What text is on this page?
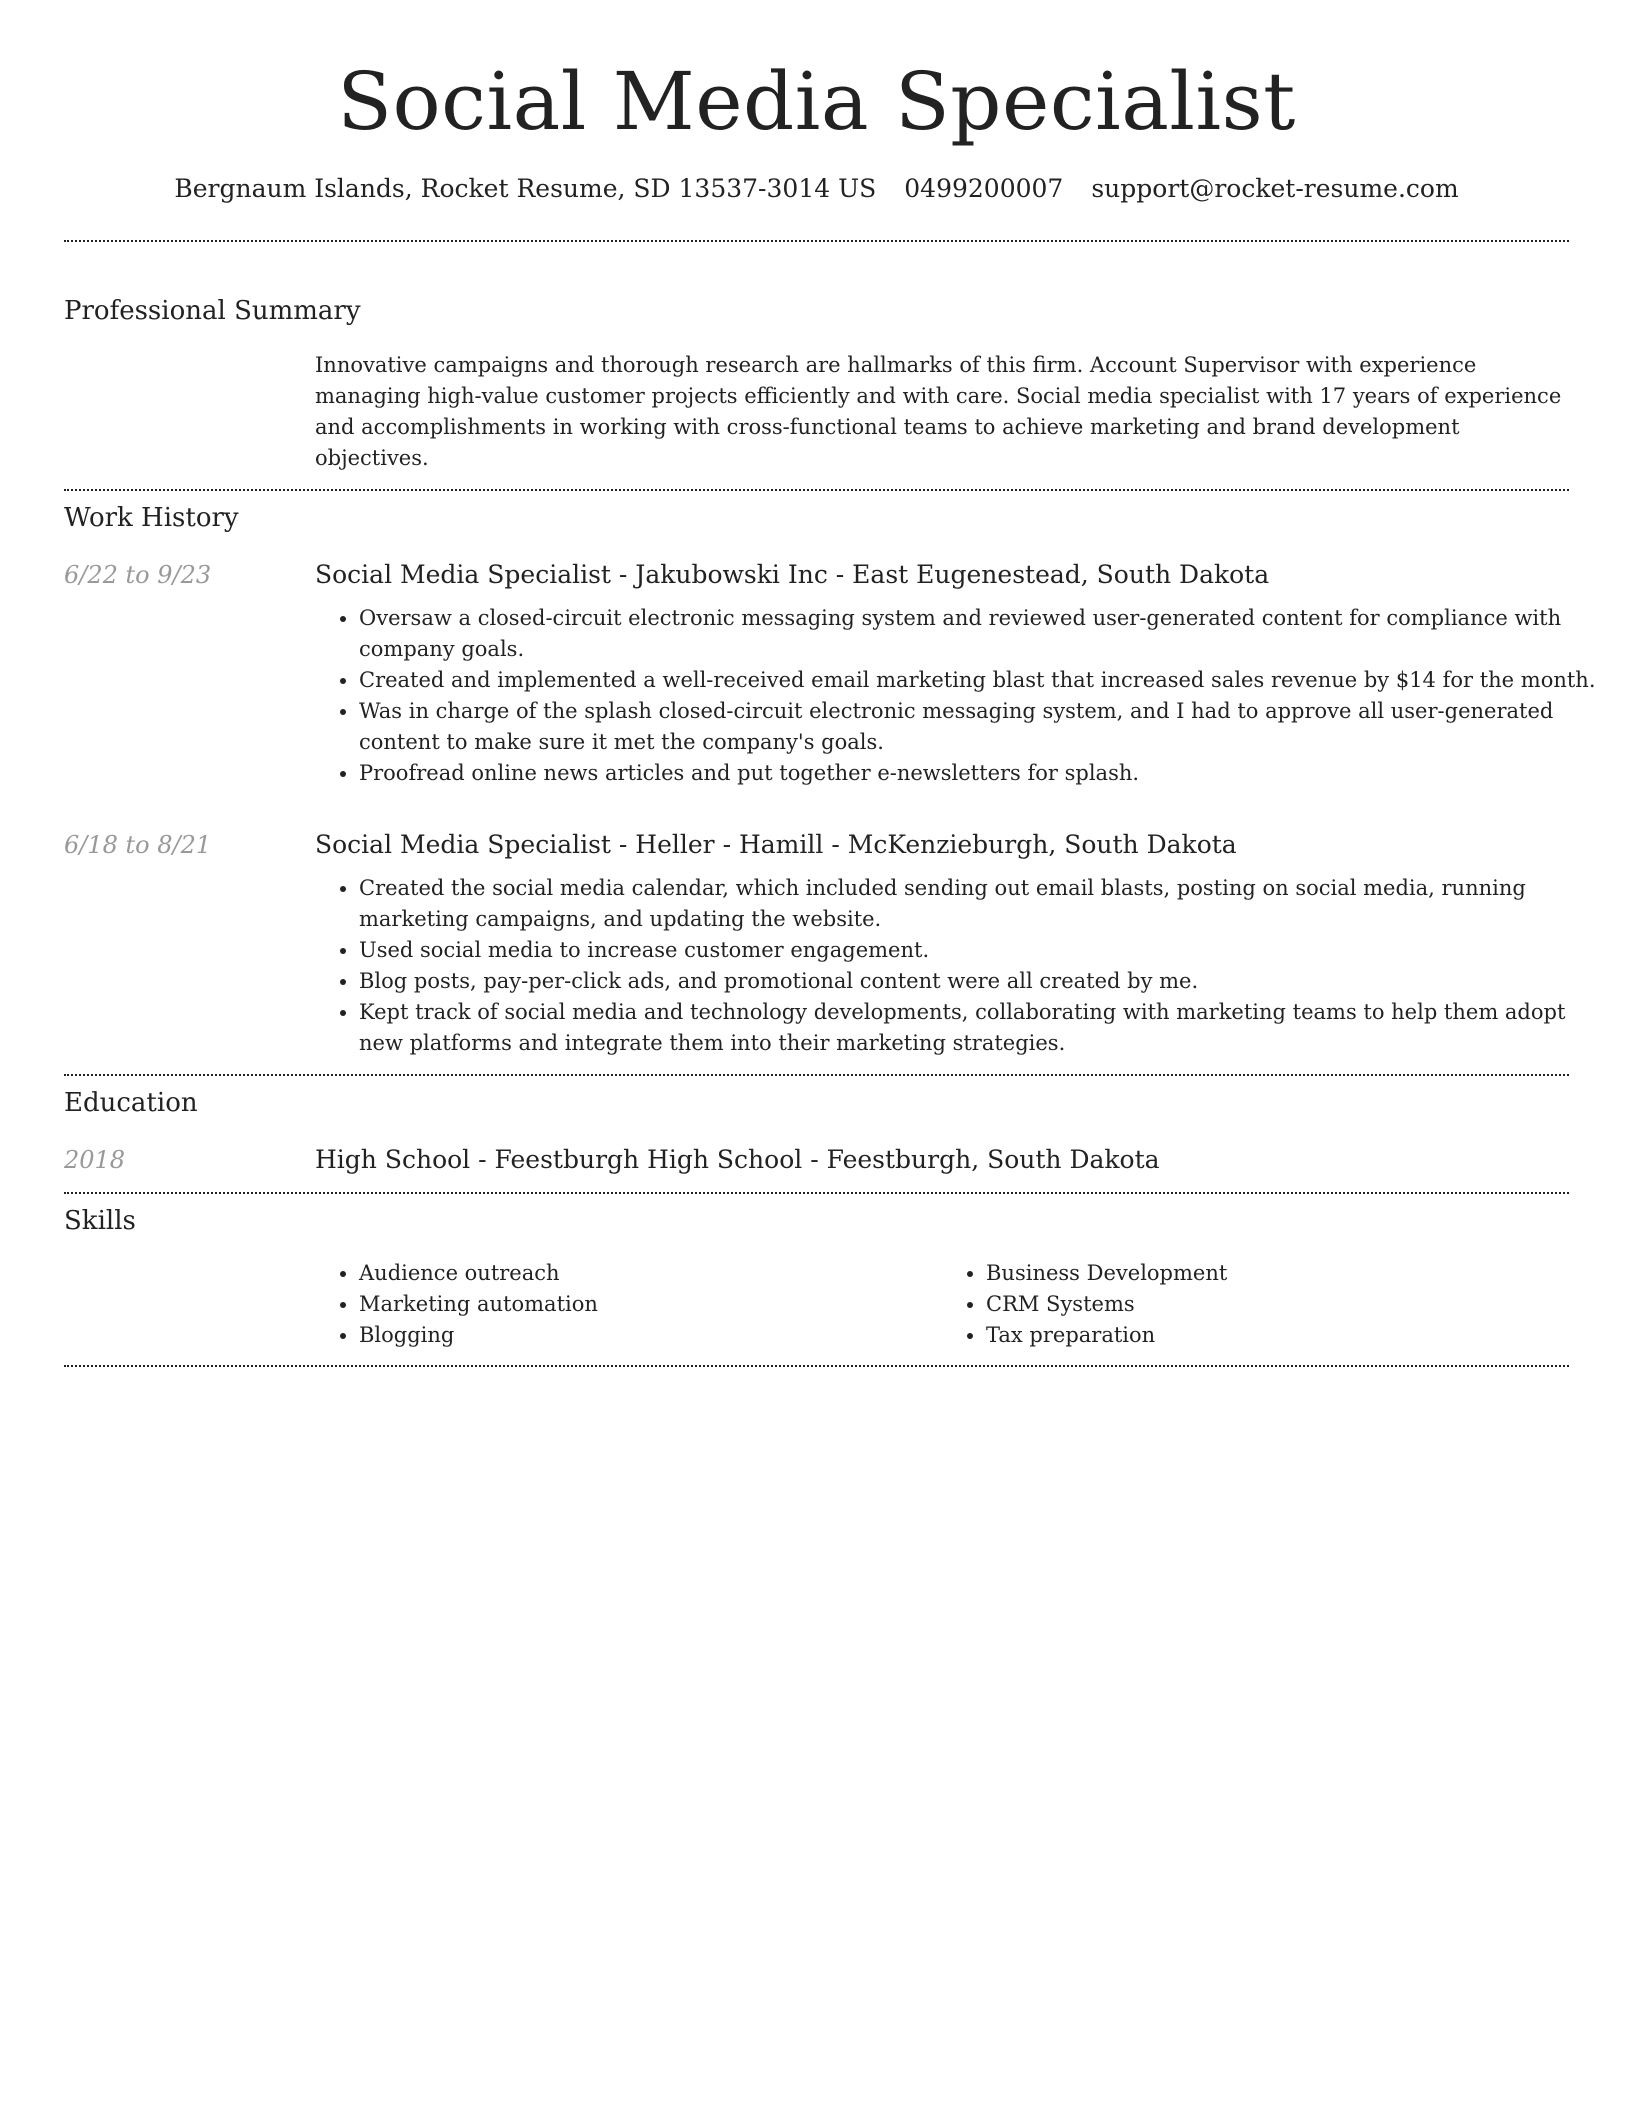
Social Media Specialist
Bergnaum Islands, Rocket Resume, SD 13537-3014 US 0499200007 support@rocket-resume.com
Professional Summary

Innovative campaigns and thorough research are hallmarks of this firm. Account Supervisor with experience managing high-value customer projects efficiently and with care. Social media specialist with 17 years of experience and accomplishments in working with cross-functional teams to achieve marketing and brand development objectives.

Work History
6/22 to 9/23	Social Media Specialist - Jakubowski Inc - East Eugenestead, South Dakota
• Oversaw a closed-circuit electronic messaging system and reviewed user-generated content for compliance with company goals.
• Created and implemented a well-received email marketing blast that increased sales revenue by $14 for the month.
• Was in charge of the splash closed-circuit electronic messaging system, and I had to approve all user-generated content to make sure it met the company's goals.
• Proofread online news articles and put together e-newsletters for splash.
6/18 to 8/21	Social Media Specialist - Heller - Hamill - McKenzieburgh, South Dakota
• Created the social media calendar, which included sending out email blasts, posting on social media, running marketing campaigns, and updating the website.
• Used social media to increase customer engagement.
• Blog posts, pay-per-click ads, and promotional content were all created by me.
• Kept track of social media and technology developments, collaborating with marketing teams to help them adopt new platforms and integrate them into their marketing strategies.
Education
2018	High School - Feestburgh High School - Feestburgh, South Dakota
Skills
• Audience outreach
• Marketing automation
• Blogging
• Business Development
• CRM Systems
• Tax preparation
